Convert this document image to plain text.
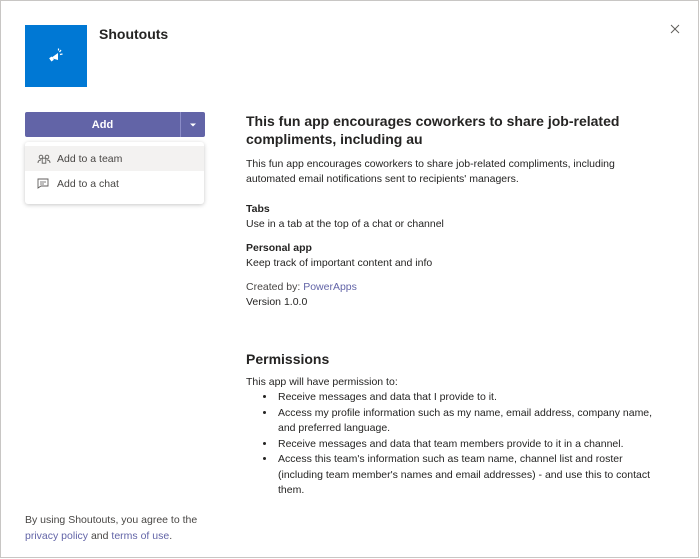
Shoutouts
Add
Add to a team
Add to a chat
This fun app encourages coworkers to share job-related compliments, including au

This fun app encourages coworkers to share job-related compliments, including automated email notifications sent to recipients' managers.

Tabs

Use in a tab at the top of a chat or channel

Personal app

Keep track of important content and info

Created by: PowerApps

Version 1.0.0

Permissions

This app will have permission to:

• Receive messages and data that I provide to it.
• Access my profile information such as my name, email address, company name, and preferred language.
• Receive messages and data that team members provide to it in a channel.
• Access this team's information such as team name, channel list and roster (including team member's names and email addresses) - and use this to contact them.
By using Shoutouts, you agree to the
privacy policy and terms of use.
